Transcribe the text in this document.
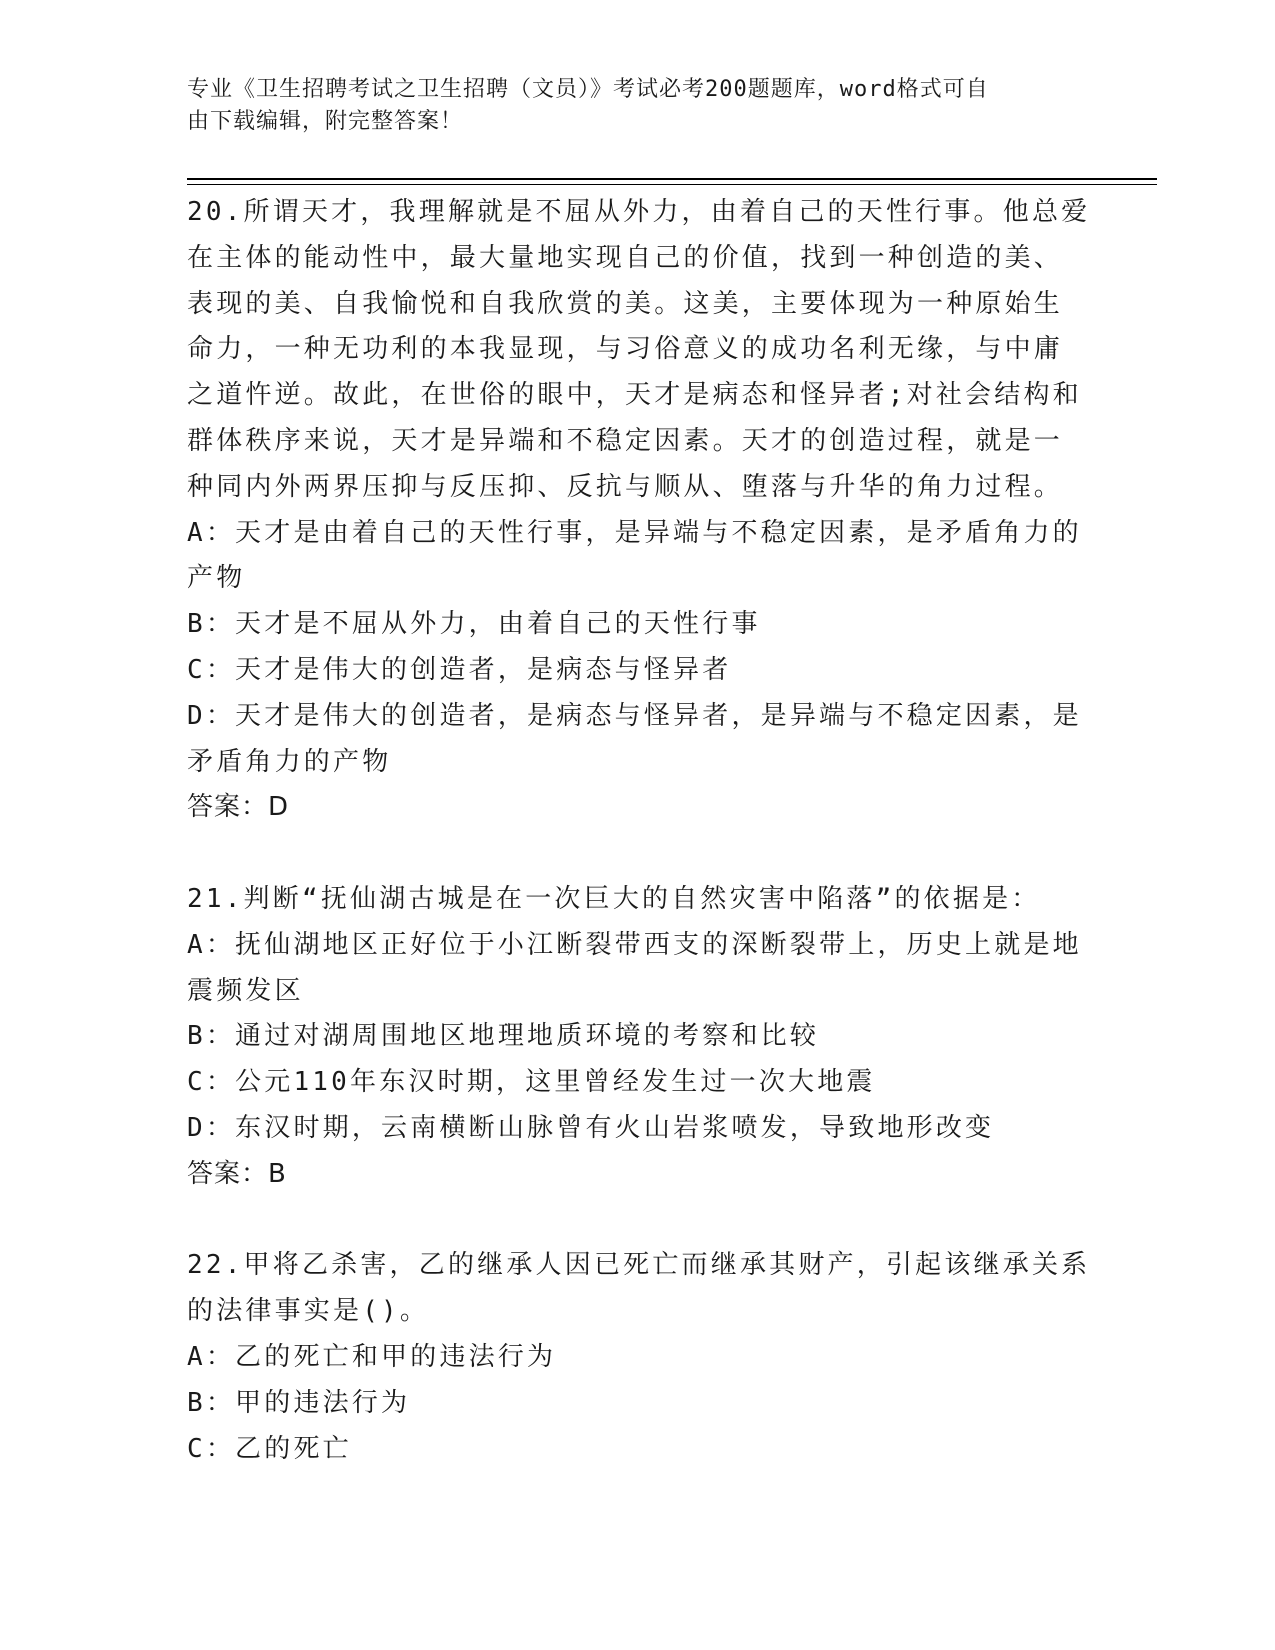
专业《卫生招聘考试之卫生招聘（文员）》考试必考200题题库，word格式可自
由下载编辑，附完整答案！
20.所谓天才，我理解就是不屈从外力，由着自己的天性行事。他总爱
在主体的能动性中，最大量地实现自己的价值，找到一种创造的美、
表现的美、自我愉悦和自我欣赏的美。这美，主要体现为一种原始生
命力，一种无功利的本我显现，与习俗意义的成功名利无缘，与中庸
之道忤逆。故此，在世俗的眼中，天才是病态和怪异者;对社会结构和
群体秩序来说，天才是异端和不稳定因素。天才的创造过程，就是一
种同内外两界压抑与反压抑、反抗与顺从、堕落与升华的角力过程。
A：天才是由着自己的天性行事，是异端与不稳定因素，是矛盾角力的
产物
B：天才是不屈从外力，由着自己的天性行事
C：天才是伟大的创造者，是病态与怪异者
D：天才是伟大的创造者，是病态与怪异者，是异端与不稳定因素，是
矛盾角力的产物
答案：D
21.判断“抚仙湖古城是在一次巨大的自然灾害中陷落”的依据是：
A：抚仙湖地区正好位于小江断裂带西支的深断裂带上，历史上就是地
震频发区
B：通过对湖周围地区地理地质环境的考察和比较
C：公元110年东汉时期，这里曾经发生过一次大地震
D：东汉时期，云南横断山脉曾有火山岩浆喷发，导致地形改变
答案：B
22.甲将乙杀害，乙的继承人因已死亡而继承其财产，引起该继承关系
的法律事实是()。
A：乙的死亡和甲的违法行为
B：甲的违法行为
C：乙的死亡
